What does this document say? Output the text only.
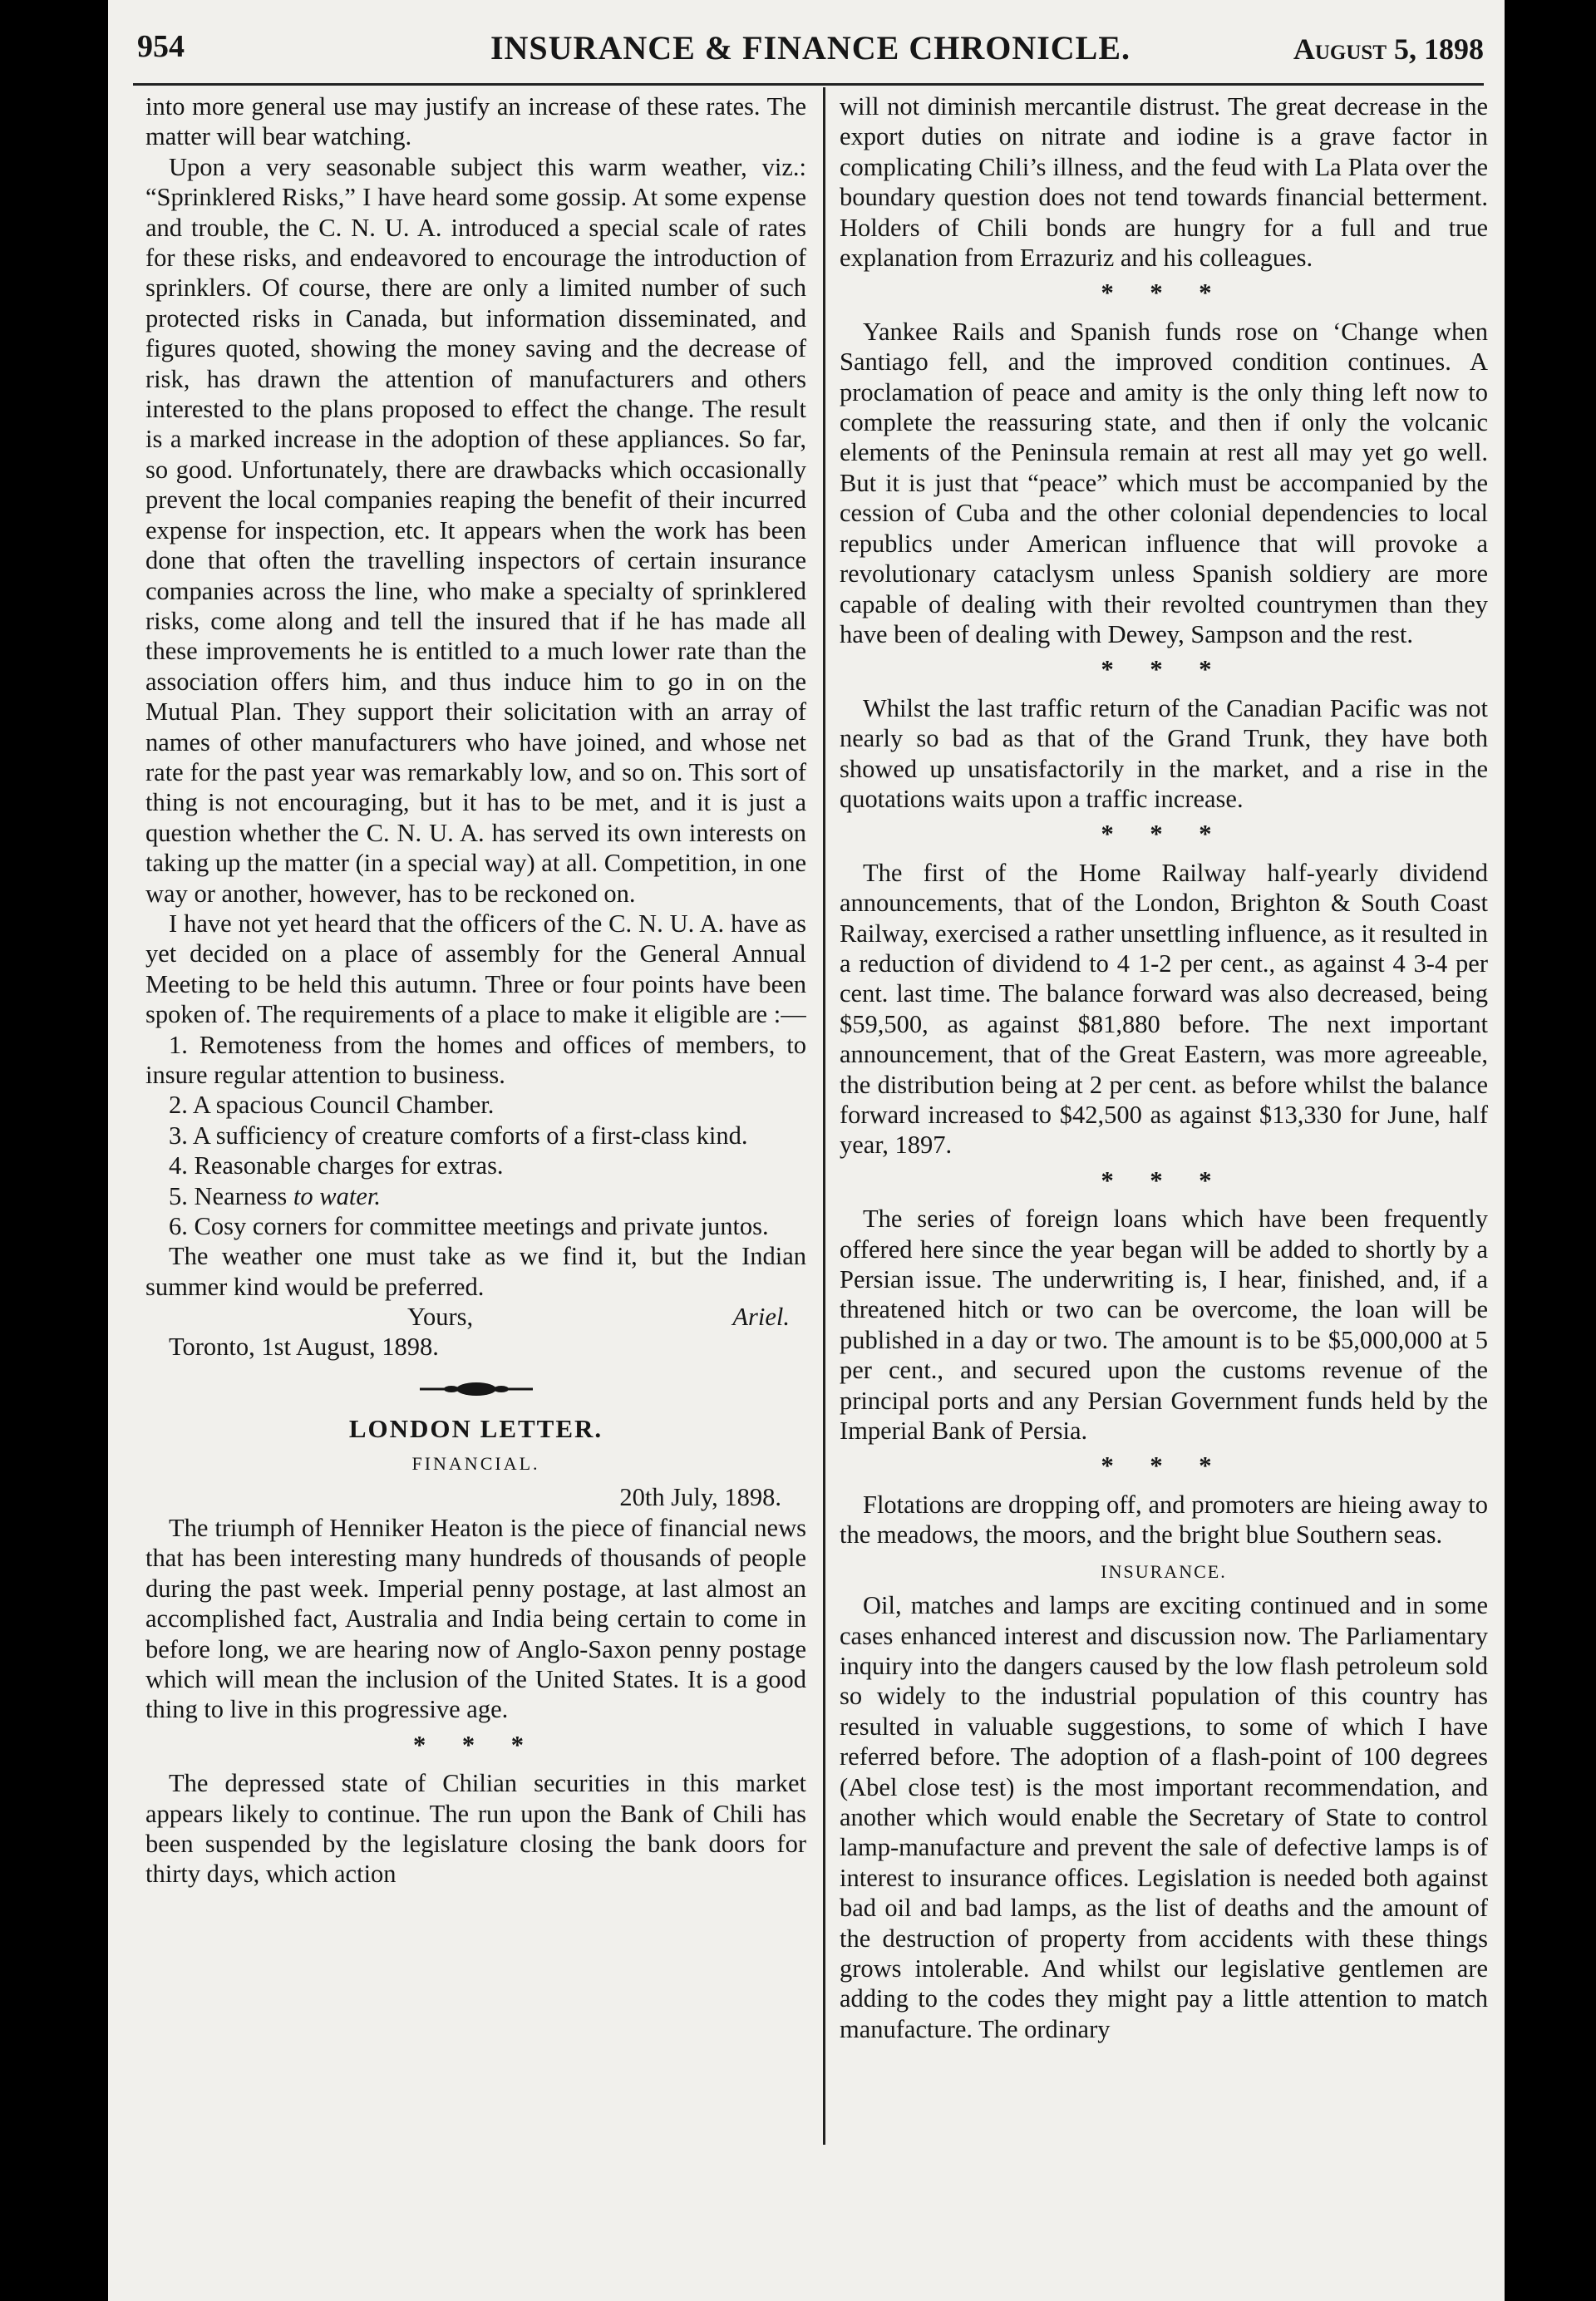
954	INSURANCE & FINANCE CHRONICLE.	August 5, 1898

into more general use may justify an increase of these rates. The matter will bear watching.

Upon a very seasonable subject this warm weather, viz.: “Sprinklered Risks,” I have heard some gossip. At some expense and trouble, the C. N. U. A. introduced a special scale of rates for these risks, and endeavored to encourage the introduction of sprinklers. Of course, there are only a limited number of such protected risks in Canada, but information disseminated, and figures quoted, showing the money saving and the decrease of risk, has drawn the attention of manufacturers and others interested to the plans proposed to effect the change. The result is a marked increase in the adoption of these appliances. So far, so good. Unfortunately, there are drawbacks which occasionally prevent the local companies reaping the benefit of their incurred expense for inspection, etc. It appears when the work has been done that often the travelling inspectors of certain insurance companies across the line, who make a specialty of sprinklered risks, come along and tell the insured that if he has made all these improvements he is entitled to a much lower rate than the association offers him, and thus induce him to go in on the Mutual Plan. They support their solicitation with an array of names of other manufacturers who have joined, and whose net rate for the past year was remarkably low, and so on. This sort of thing is not encouraging, but it has to be met, and it is just a question whether the C. N. U. A. has served its own interests on taking up the matter (in a special way) at all. Competition, in one way or another, however, has to be reckoned on.

I have not yet heard that the officers of the C. N. U. A. have as yet decided on a place of assembly for the General Annual Meeting to be held this autumn. Three or four points have been spoken of. The requirements of a place to make it eligible are :—

1. Remoteness from the homes and offices of members, to insure regular attention to business.

2. A spacious Council Chamber.

3. A sufficiency of creature comforts of a first-class kind.

4. Reasonable charges for extras.

5. Nearness to water.

6. Cosy corners for committee meetings and private juntos.

The weather one must take as we find it, but the Indian summer kind would be preferred.

Yours,	Ariel.

Toronto, 1st August, 1898.

LONDON LETTER.
FINANCIAL.
20th July, 1898.

The triumph of Henniker Heaton is the piece of financial news that has been interesting many hundreds of thousands of people during the past week. Imperial penny postage, at last almost an accomplished fact, Australia and India being certain to come in before long, we are hearing now of Anglo-Saxon penny postage which will mean the inclusion of the United States. It is a good thing to live in this progressive age.

* * *

The depressed state of Chilian securities in this market appears likely to continue. The run upon the Bank of Chili has been suspended by the legislature closing the bank doors for thirty days, which action

will not diminish mercantile distrust. The great decrease in the export duties on nitrate and iodine is a grave factor in complicating Chili’s illness, and the feud with La Plata over the boundary question does not tend towards financial betterment. Holders of Chili bonds are hungry for a full and true explanation from Errazuriz and his colleagues.

* * *

Yankee Rails and Spanish funds rose on ‘Change when Santiago fell, and the improved condition continues. A proclamation of peace and amity is the only thing left now to complete the reassuring state, and then if only the volcanic elements of the Peninsula remain at rest all may yet go well. But it is just that “peace” which must be accompanied by the cession of Cuba and the other colonial dependencies to local republics under American influence that will provoke a revolutionary cataclysm unless Spanish soldiery are more capable of dealing with their revolted countrymen than they have been of dealing with Dewey, Sampson and the rest.

* * *

Whilst the last traffic return of the Canadian Pacific was not nearly so bad as that of the Grand Trunk, they have both showed up unsatisfactorily in the market, and a rise in the quotations waits upon a traffic increase.

* * *

The first of the Home Railway half-yearly dividend announcements, that of the London, Brighton & South Coast Railway, exercised a rather unsettling influence, as it resulted in a reduction of dividend to 4 1-2 per cent., as against 4 3-4 per cent. last time. The balance forward was also decreased, being $59,500, as against $81,880 before. The next important announcement, that of the Great Eastern, was more agreeable, the distribution being at 2 per cent. as before whilst the balance forward increased to $42,500 as against $13,330 for June, half year, 1897.

* * *

The series of foreign loans which have been frequently offered here since the year began will be added to shortly by a Persian issue. The underwriting is, I hear, finished, and, if a threatened hitch or two can be overcome, the loan will be published in a day or two. The amount is to be $5,000,000 at 5 per cent., and secured upon the customs revenue of the principal ports and any Persian Government funds held by the Imperial Bank of Persia.

* * *

Flotations are dropping off, and promoters are hieing away to the meadows, the moors, and the bright blue Southern seas.

INSURANCE.

Oil, matches and lamps are exciting continued and in some cases enhanced interest and discussion now. The Parliamentary inquiry into the dangers caused by the low flash petroleum sold so widely to the industrial population of this country has resulted in valuable suggestions, to some of which I have referred before. The adoption of a flash-point of 100 degrees (Abel close test) is the most important recommendation, and another which would enable the Secretary of State to control lamp-manufacture and prevent the sale of defective lamps is of interest to insurance offices. Legislation is needed both against bad oil and bad lamps, as the list of deaths and the amount of the destruction of property from accidents with these things grows intolerable. And whilst our legislative gentlemen are adding to the codes they might pay a little attention to match manufacture. The ordinary
